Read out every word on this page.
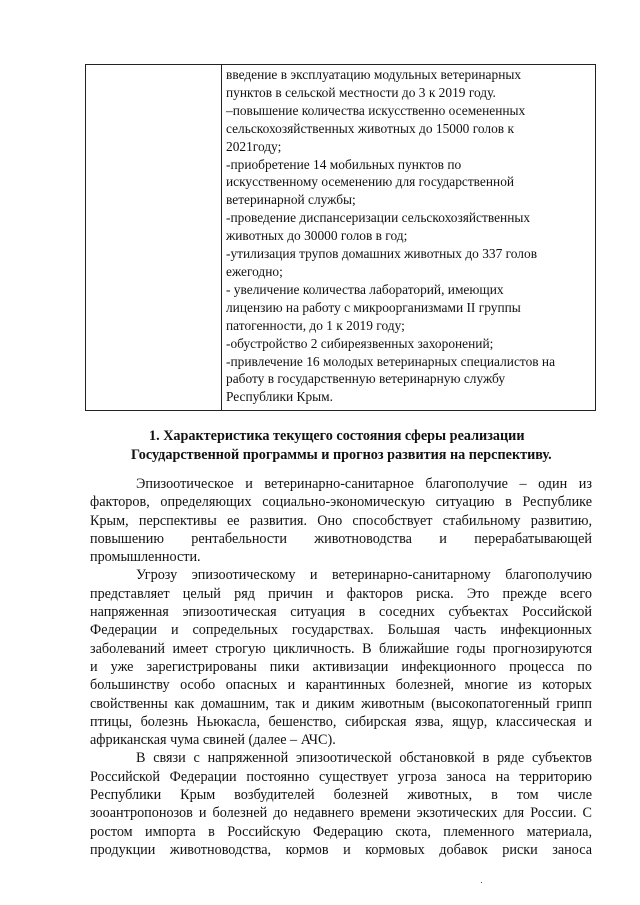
введение в эксплуатацию модульных ветеринарных
пунктов в сельской местности до 3 к 2019 году.
–повышение количества искусственно осемененных
сельскохозяйственных животных до 15000 голов к
2021году;
-приобретение 14 мобильных пунктов по
искусственному осеменению для государственной
ветеринарной службы;
-проведение диспансеризации сельскохозяйственных
животных до 30000 голов в год;
-утилизация трупов домашних животных до 337 голов
ежегодно;
- увеличение количества лабораторий, имеющих
лицензию на работу с микроорганизмами II группы
патогенности, до 1 к 2019 году;
-обустройство 2 сибиреязвенных захоронений;
-привлечение 16 молодых ветеринарных специалистов на
работу в государственную ветеринарную службу
Республики Крым.
1. Характеристика текущего состояния сферы реализации
Государственной программы и прогноз развития на перспективу.
Эпизоотическое и ветеринарно-санитарное благополучие – один из
факторов, определяющих социально-экономическую ситуацию в Республике
Крым, перспективы ее развития. Оно способствует стабильному развитию,
повышению рентабельности животноводства и перерабатывающей
промышленности.
Угрозу эпизоотическому и ветеринарно-санитарному благополучию
представляет целый ряд причин и факторов риска. Это прежде всего
напряженная эпизоотическая ситуация в соседних субъектах Российской
Федерации и сопредельных государствах. Большая часть инфекционных
заболеваний имеет строгую цикличность. В ближайшие годы прогнозируются
и уже зарегистрированы пики активизации инфекционного процесса по
большинству особо опасных и карантинных болезней, многие из которых
свойственны как домашним, так и диким животным (высокопатогенный грипп
птицы, болезнь Ньюкасла, бешенство, сибирская язва, ящур, классическая и
африканская чума свиней (далее – АЧС).
В связи с напряженной эпизоотической обстановкой в ряде субъектов
Российской Федерации постоянно существует угроза заноса на территорию
Республики Крым возбудителей болезней животных, в том числе
зооантропонозов и болезней до недавнего времени экзотических для России. С
ростом импорта в Российскую Федерацию скота, племенного материала,
продукции животноводства, кормов и кормовых добавок риски заноса
